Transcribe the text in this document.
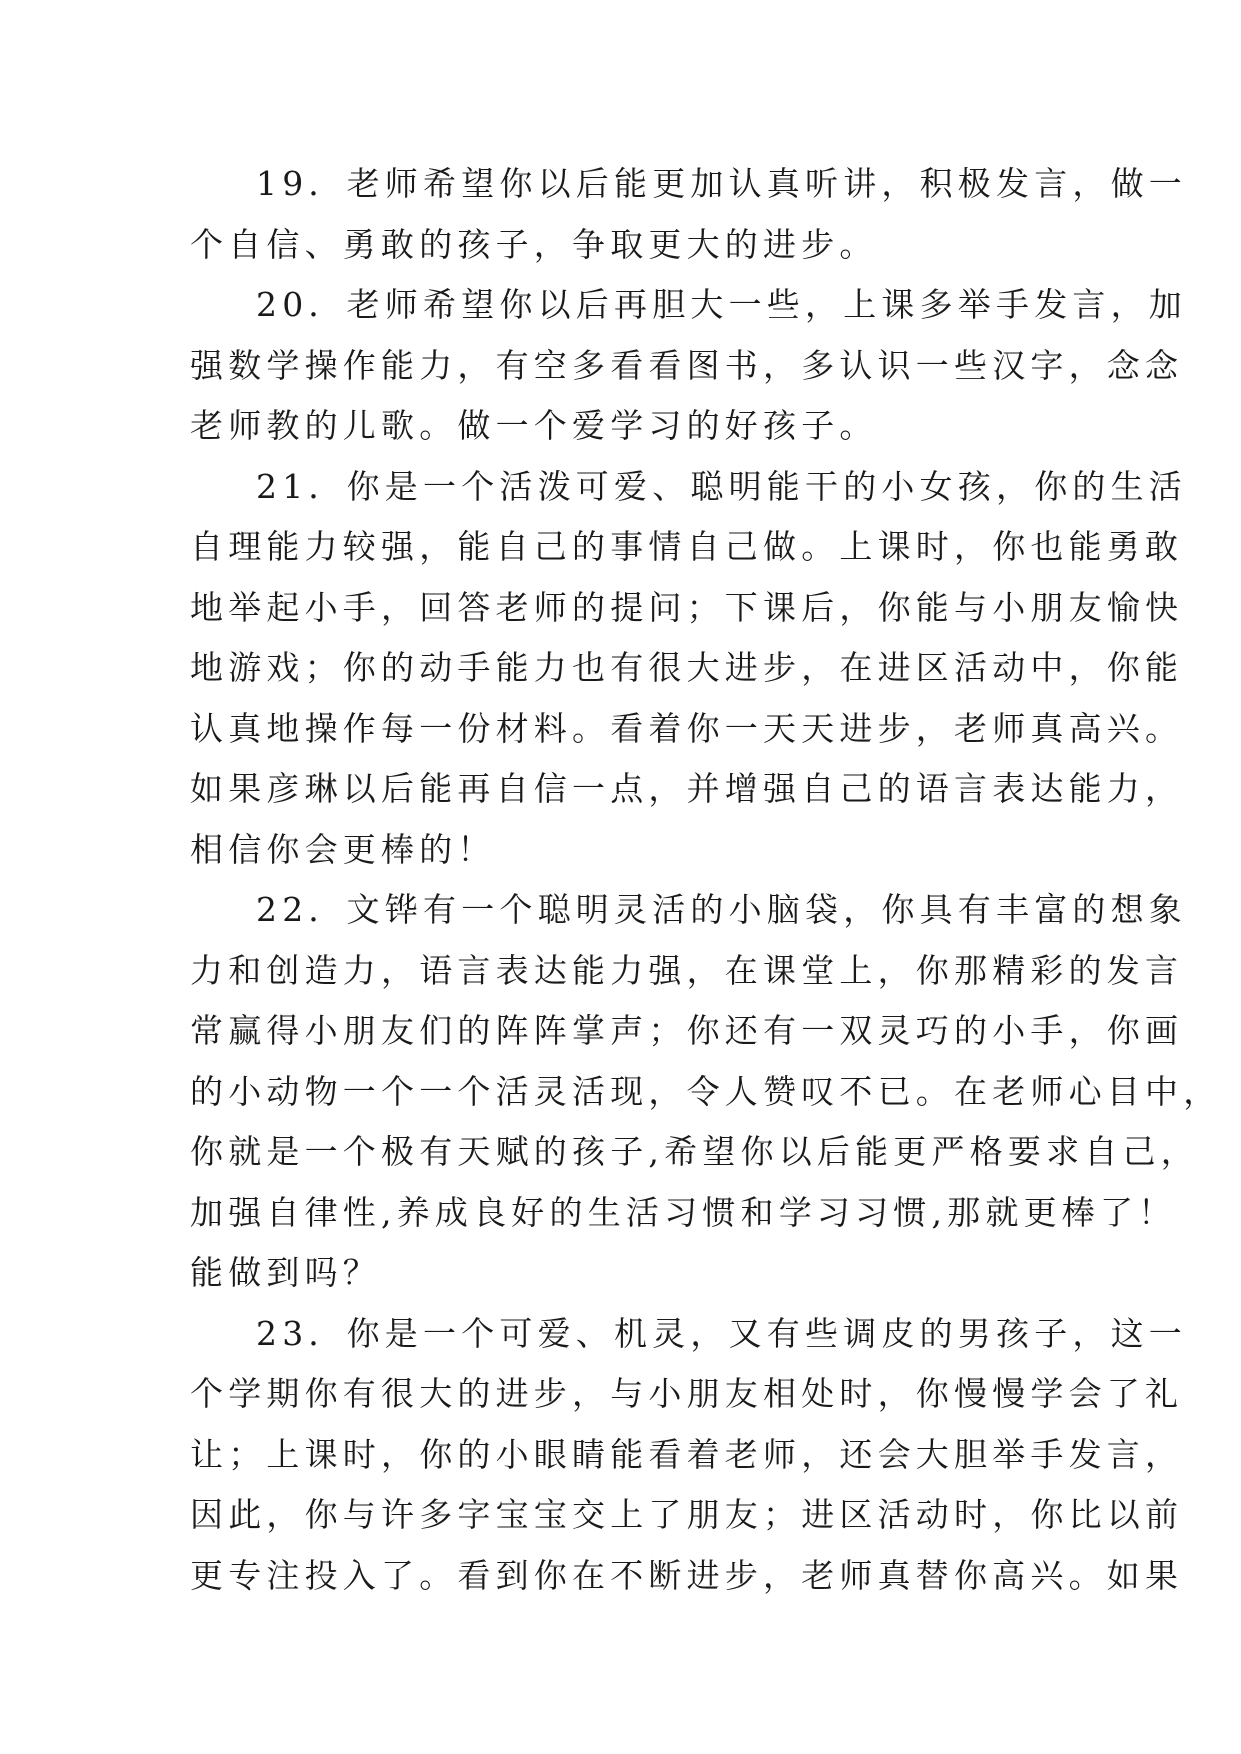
19．老师希望你以后能更加认真听讲，积极发言，做一
个自信、勇敢的孩子，争取更大的进步。
20．老师希望你以后再胆大一些，上课多举手发言，加
强数学操作能力，有空多看看图书，多认识一些汉字，念念
老师教的儿歌。做一个爱学习的好孩子。
21．你是一个活泼可爱、聪明能干的小女孩，你的生活
自理能力较强，能自己的事情自己做。上课时，你也能勇敢
地举起小手，回答老师的提问；下课后，你能与小朋友愉快
地游戏；你的动手能力也有很大进步，在进区活动中，你能
认真地操作每一份材料。看着你一天天进步，老师真高兴。
如果彦琳以后能再自信一点，并增强自己的语言表达能力，
相信你会更棒的！
22．文铧有一个聪明灵活的小脑袋，你具有丰富的想象
力和创造力，语言表达能力强，在课堂上，你那精彩的发言
常赢得小朋友们的阵阵掌声；你还有一双灵巧的小手，你画
的小动物一个一个活灵活现，令人赞叹不已。在老师心目中，
你就是一个极有天赋的孩子,希望你以后能更严格要求自己，
加强自律性,养成良好的生活习惯和学习习惯,那就更棒了！
能做到吗？
23．你是一个可爱、机灵，又有些调皮的男孩子，这一
个学期你有很大的进步，与小朋友相处时，你慢慢学会了礼
让；上课时，你的小眼睛能看着老师，还会大胆举手发言，
因此，你与许多字宝宝交上了朋友；进区活动时，你比以前
更专注投入了。看到你在不断进步，老师真替你高兴。如果
